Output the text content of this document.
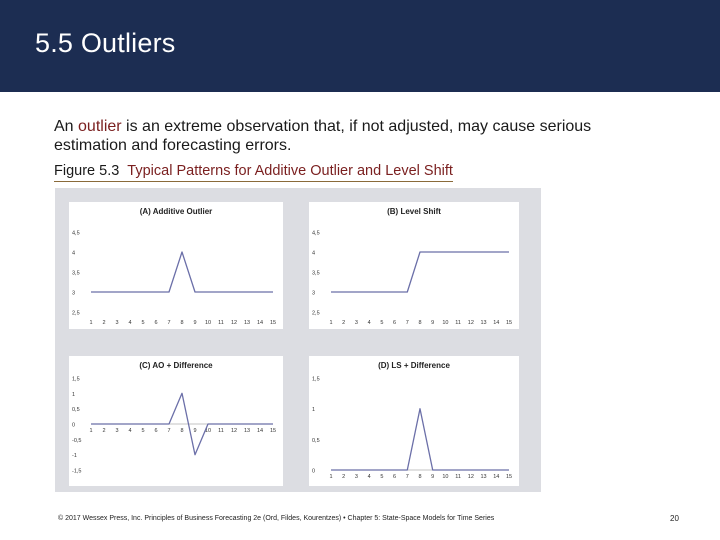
5.5 Outliers
An outlier is an extreme observation that, if not adjusted, may cause serious estimation and forecasting errors.
Figure 5.3 Typical Patterns for Additive Outlier and Level Shift
(A) Additive Outlier
2,5
3
3,5
4
4,5
1 2 3 4 5 6 7 8 9 10 11 12 13 14 15
(B) Level Shift
2,5
3
3,5
4
4,5
1 2 3 4 5 6 7 8 9 10 11 12 13 14 15
(C) AO + Difference
-1,5
-1
-0,5
0
0,5
1
1,5
1 2 3 4 5 6 7 8 9 10 11 12 13 14 15
(D) LS + Difference
0
0,5
1
1,5
1 2 3 4 5 6 7 8 9 10 11 12 13 14 15
© 2017 Wessex Press, Inc. Principles of Business Forecasting 2e (Ord, Fildes, Kourentzes) • Chapter 5: State-Space Models for Time Series	20
